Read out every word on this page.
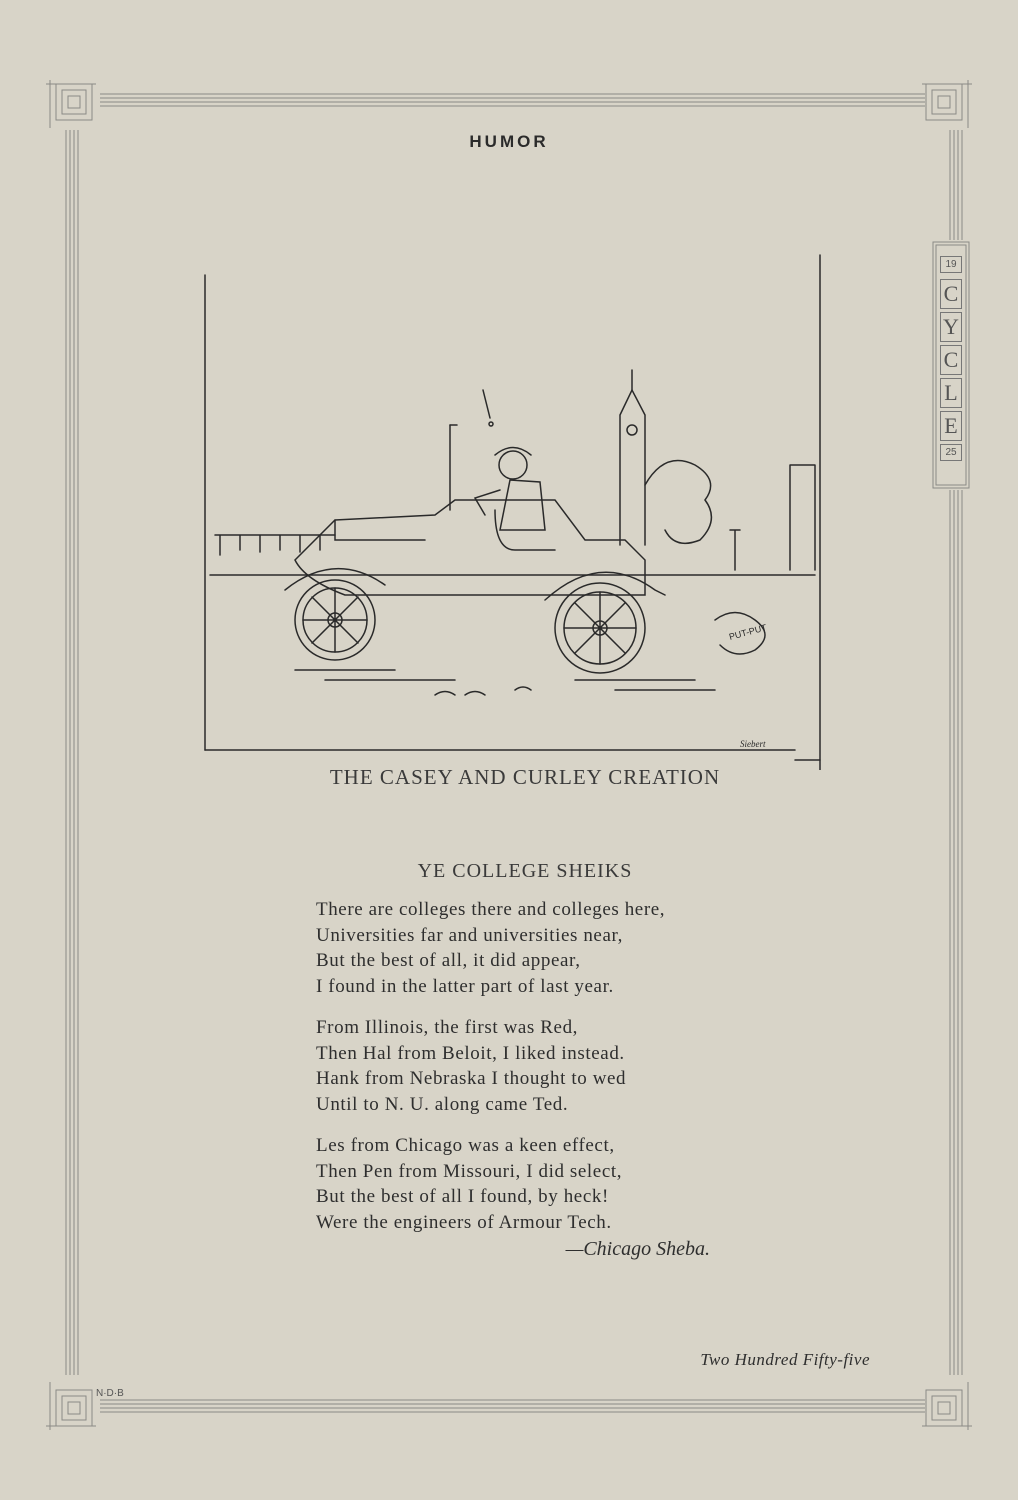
19
C
Y
C
L
E
25
HUMOR
PUT-PUT
Siebert
THE CASEY AND CURLEY CREATION
YE COLLEGE SHEIKS
There are colleges there and colleges here,
Universities far and universities near,
But the best of all, it did appear,
I found in the latter part of last year.
From Illinois, the first was Red,
Then Hal from Beloit, I liked instead.
Hank from Nebraska I thought to wed
Until to N. U. along came Ted.
Les from Chicago was a keen effect,
Then Pen from Missouri, I did select,
But the best of all I found, by heck!
Were the engineers of Armour Tech.
—Chicago Sheba.
Two Hundred Fifty-five
N·D·B
